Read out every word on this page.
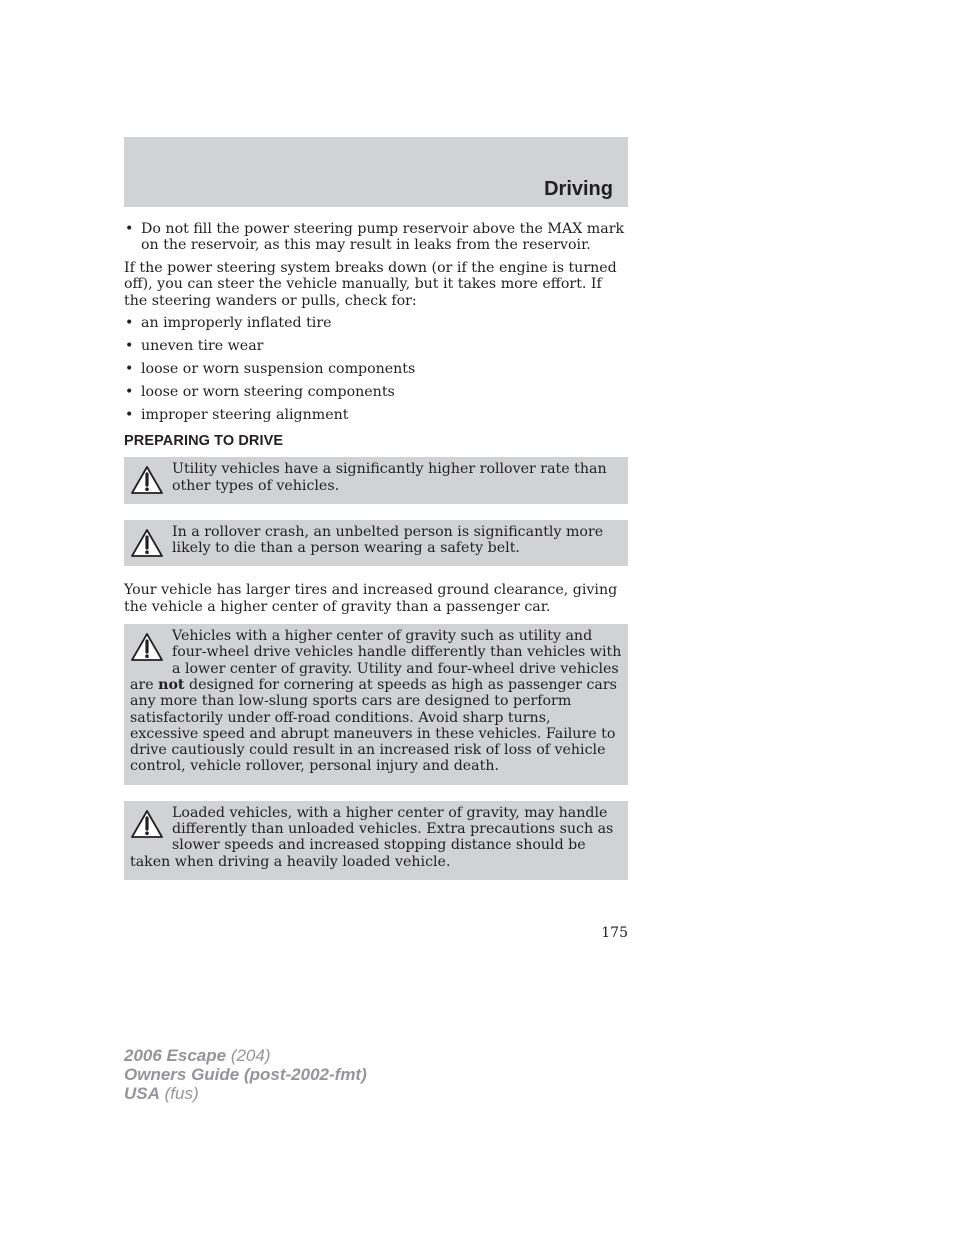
Driving
• Do not fill the power steering pump reservoir above the MAX mark on the reservoir, as this may result in leaks from the reservoir.

If the power steering system breaks down (or if the engine is turned off), you can steer the vehicle manually, but it takes more effort. If the steering wanders or pulls, check for:

• an improperly inflated tire
• uneven tire wear
• loose or worn suspension components
• loose or worn steering components
• improper steering alignment
PREPARING TO DRIVE

Utility vehicles have a significantly higher rollover rate than other types of vehicles.

In a rollover crash, an unbelted person is significantly more likely to die than a person wearing a safety belt.

Your vehicle has larger tires and increased ground clearance, giving the vehicle a higher center of gravity than a passenger car.

Vehicles with a higher center of gravity such as utility and four-wheel drive vehicles handle differently than vehicles with a lower center of gravity. Utility and four-wheel drive vehicles are not designed for cornering at speeds as high as passenger cars any more than low-slung sports cars are designed to perform satisfactorily under off-road conditions. Avoid sharp turns, excessive speed and abrupt maneuvers in these vehicles. Failure to drive cautiously could result in an increased risk of loss of vehicle control, vehicle rollover, personal injury and death.

Loaded vehicles, with a higher center of gravity, may handle differently than unloaded vehicles. Extra precautions such as slower speeds and increased stopping distance should be taken when driving a heavily loaded vehicle.

175
2006 Escape (204)
Owners Guide (post-2002-fmt)
USA (fus)
